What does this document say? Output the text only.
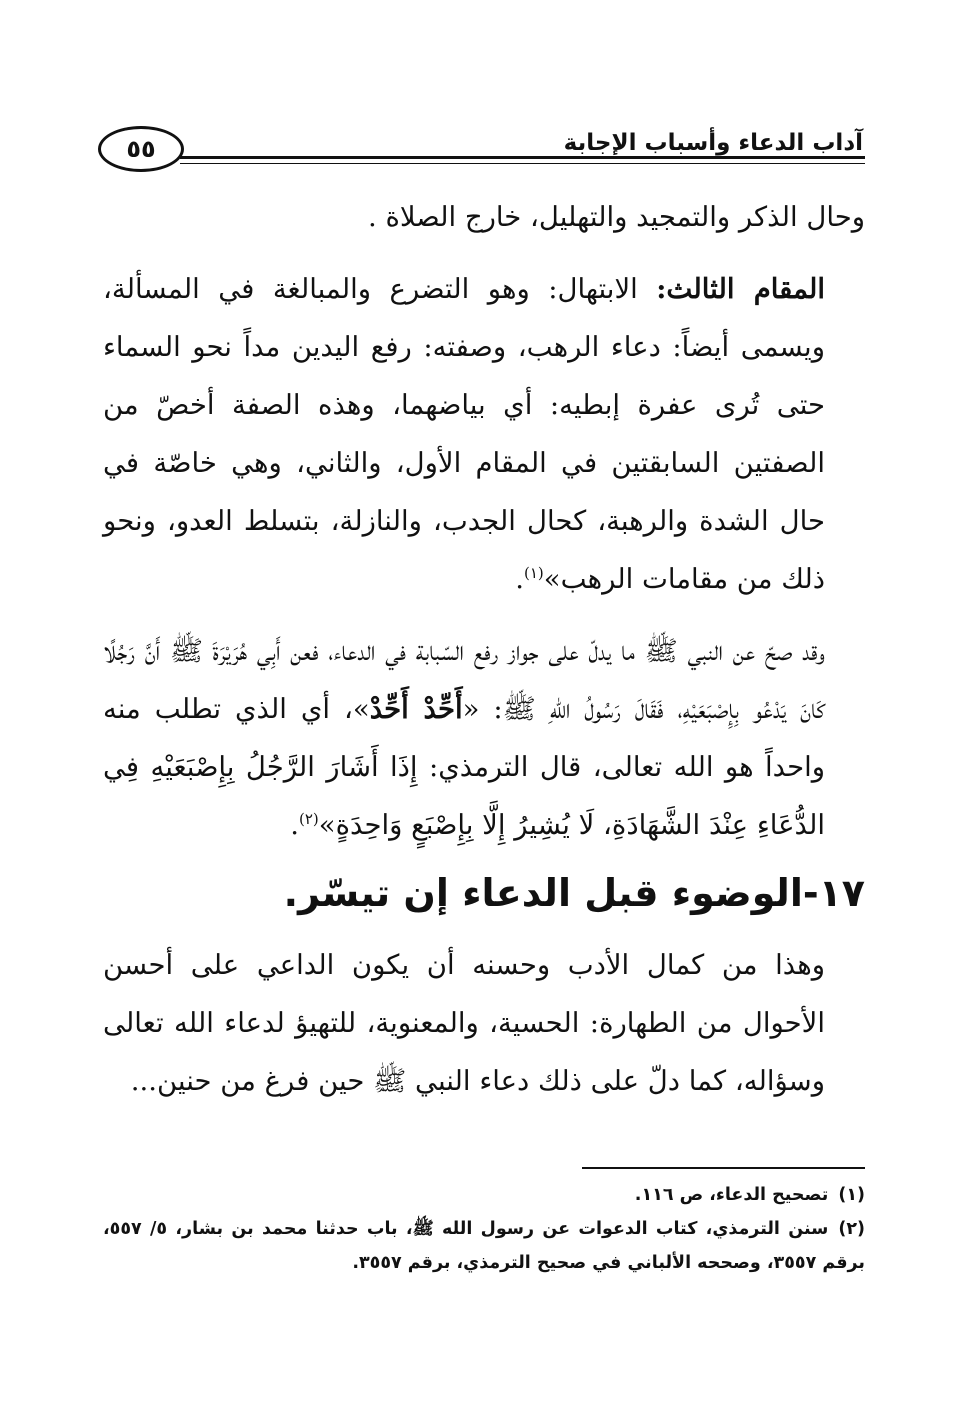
آداب الدعاء وأسباب الإجابة
٥٥

وحال الذكر والتمجيد والتهليل، خارج الصلاة .

المقام الثالث: الابتهال: وهو التضرع والمبالغة في المسألة، ويسمى أيضاً: دعاء الرهب، وصفته: رفع اليدين مداً نحو السماء حتى تُرى عفرة إبطيه: أي بياضهما، وهذه الصفة أخصّ من الصفتين السابقتين في المقام الأول، والثاني، وهي خاصّة في حال الشدة والرهبة، كحال الجدب، والنازلة، بتسلط العدو، ونحو ذلك من مقامات الرهب»$^{(١)}$.

وقد صحّ عن النبي ﷺ ما يدلّ على جواز رفع السّبابة في الدعاء، فعن أَبِي هُرَيْرَةَ ﷺ أَنَّ رَجُلًا كَانَ يَدْعُو بِإِصْبَعَيْهِ، فَقَالَ رَسُولُ اللهِ ﷺ: «أَحِّدْ أَحِّدْ»، أي الذي تطلب منه واحداً هو الله تعالى، قال الترمذي: إِذَا أَشَارَ الرَّجُلُ بِإِصْبَعَيْهِ فِي الدُّعَاءِ عِنْدَ الشَّهَادَةِ، لَا يُشِيرُ إِلَّا بِإِصْبَعٍ وَاحِدَةٍ»$^{(٢)}$.

١٧-الوضوء قبل الدعاء إن تيسّر.

وهذا من كمال الأدب وحسنه أن يكون الداعي على أحسن الأحوال من الطهارة: الحسية، والمعنوية، للتهيؤ لدعاء الله تعالى وسؤاله، كما دلّ على ذلك دعاء النبي ﷺ حين فرغ من حنين...

(١)تصحيح الدعاء، ص ١١٦.

(٢)سنن الترمذي، كتاب الدعوات عن رسول الله ﷺ، باب حدثنا محمد بن بشار، ٥/ ٥٥٧، برقم ٣٥٥٧، وصححه الألباني في صحيح الترمذي، برقم ٣٥٥٧.
